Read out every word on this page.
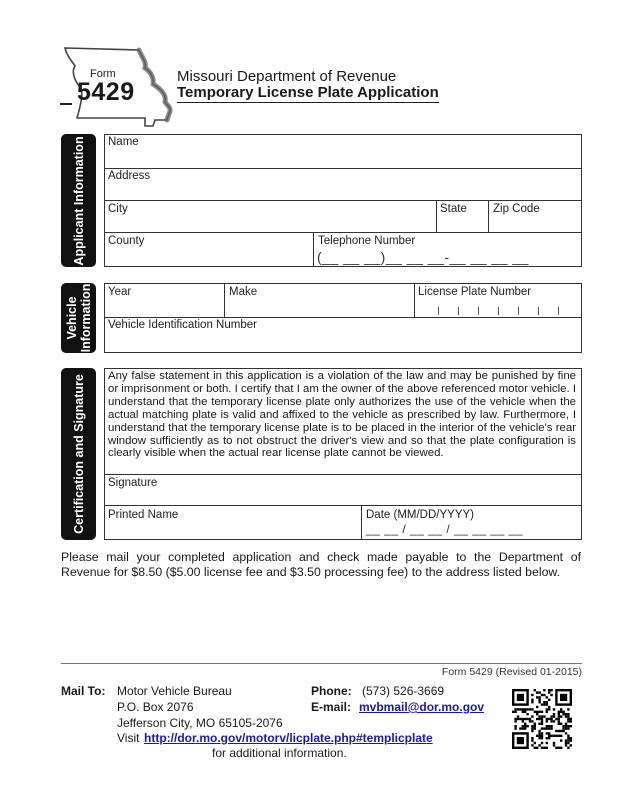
Form
5429
Missouri Department of Revenue
Temporary License Plate Application
Applicant Information Name
Address
City	State Zip Code
County	Telephone Number
(__ __ __)__ __ __-__ __ __ __
Vehicle Information Year	Make	License Plate Number
Vehicle Identification Number
Certification and Signature Any false statement in this application is a violation of the law and may be punished by fine or imprisonment or both. I certify that I am the owner of the above referenced motor vehicle. I understand that the temporary license plate only authorizes the use of the vehicle when the actual matching plate is valid and affixed to the vehicle as prescribed by law. Furthermore, I understand that the temporary license plate is to be placed in the interior of the vehicle's rear window sufficiently as to not obstruct the driver's view and so that the plate configuration is clearly visible when the actual rear license plate cannot be viewed.
Signature
Printed Name	Date (MM/DD/YYYY)
__ __ / __ __ / __ __ __ __
Please mail your completed application and check made payable to the Department of Revenue for $8.50 ($5.00 license fee and $3.50 processing fee) to the address listed below.
Form 5429 (Revised 01-2015)
Mail To: Motor Vehicle Bureau
P.O. Box 2076
Jefferson City, MO 65105-2076
Phone: (573) 526-3669
E-mail: mvbmail@dor.mo.gov
Visit http://dor.mo.gov/motorv/licplate.php#templicplate
for additional information.
